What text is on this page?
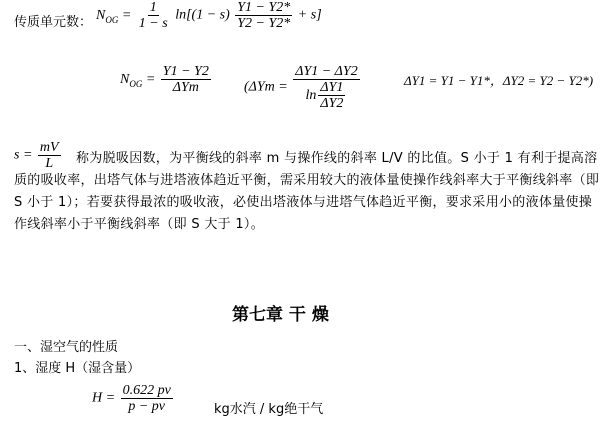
传质单元数： $N_{OG} = \frac{1}{1 - s} \ln[(1 - s) \frac{Y1 - Y2*}{Y2 - Y2*} + s]$
$N_{OG} = \frac{Y1 - Y2}{\text{ΔYm}} (\Delta Ym = \frac{\Delta Y1 - \Delta Y2}{\ln \frac{\Delta Y1}{\Delta Y2}}$	ΔY1 = Y1 − Y1*，ΔY2 = Y2 − Y2*)
$s = \frac{mV}{L}$	称为脱吸因数，为平衡线的斜率 m 与操作线的斜率 L/V 的比值。S 小于 1 有利于提高溶质的吸收率，出塔气体与进塔液体趋近平衡，需采用较大的液体量使操作线斜率大于平衡线斜率（即 S 小于 1）；若要获得最浓的吸收液，必使出塔液体与进塔气体趋近平衡，要求采用小的液体量使操作线斜率小于平衡线斜率（即 S 大于 1）。
第七章 干 燥
一、湿空气的性质
1、湿度 H（湿含量）
$H = \frac{0.622 pv}{p - pv}$	kg水汽 / kg绝干气
